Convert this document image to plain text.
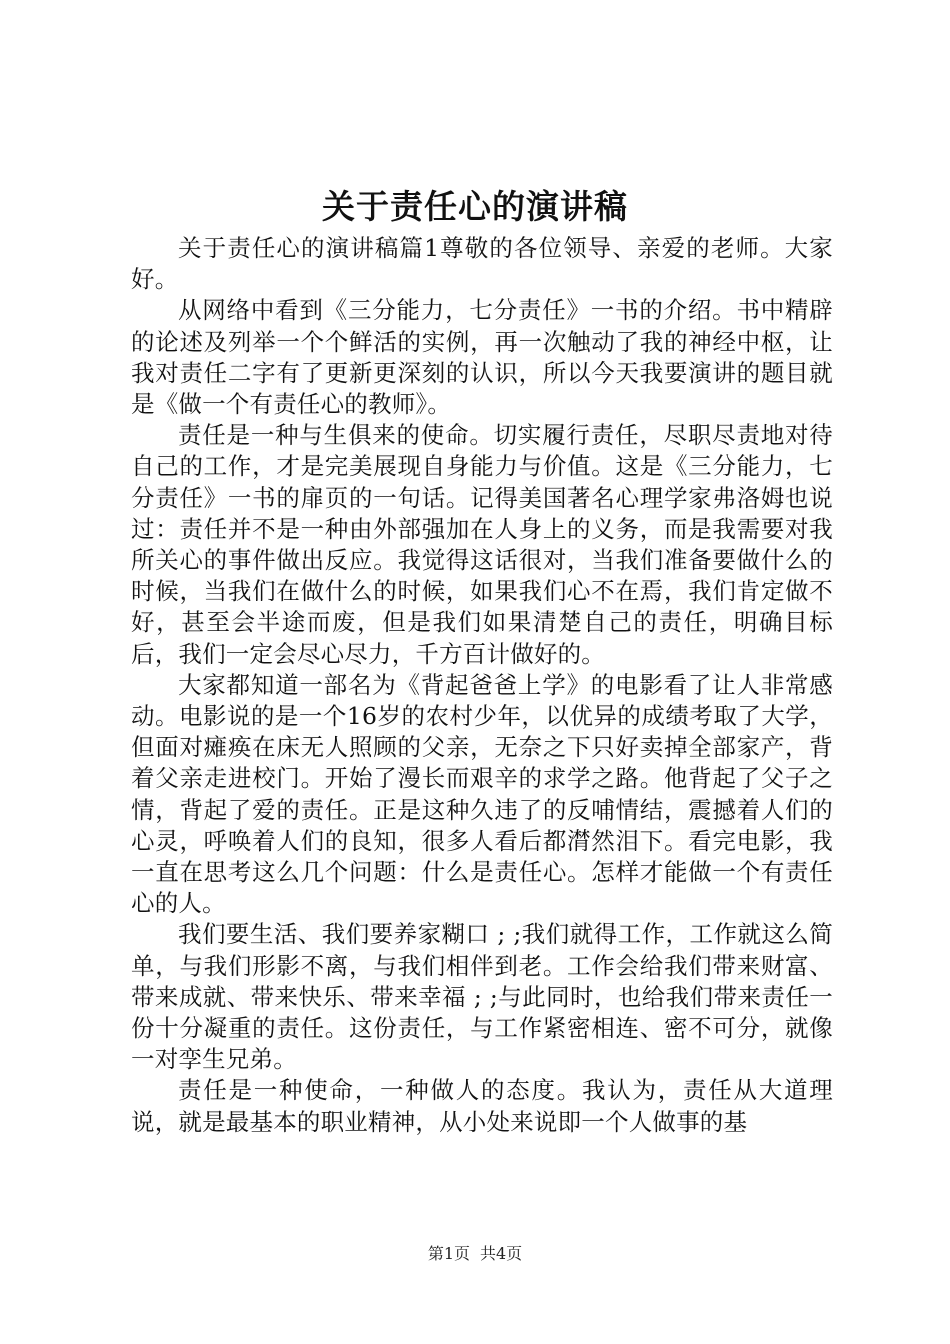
关于责任心的演讲稿

关于责任心的演讲稿篇1尊敬的各位领导、亲爱的老师。大家好。

从网络中看到《三分能力，七分责任》一书的介绍。书中精辟的论述及列举一个个鲜活的实例，再一次触动了我的神经中枢，让我对责任二字有了更新更深刻的认识，所以今天我要演讲的题目就是《做一个有责任心的教师》。

责任是一种与生俱来的使命。切实履行责任，尽职尽责地对待自己的工作，才是完美展现自身能力与价值。这是《三分能力，七分责任》一书的扉页的一句话。记得美国著名心理学家弗洛姆也说过：责任并不是一种由外部强加在人身上的义务，而是我需要对我所关心的事件做出反应。我觉得这话很对，当我们准备要做什么的时候，当我们在做什么的时候，如果我们心不在焉，我们肯定做不好，甚至会半途而废，但是我们如果清楚自己的责任，明确目标后，我们一定会尽心尽力，千方百计做好的。

大家都知道一部名为《背起爸爸上学》的电影看了让人非常感动。电影说的是一个16岁的农村少年，以优异的成绩考取了大学，但面对瘫痪在床无人照顾的父亲，无奈之下只好卖掉全部家产，背着父亲走进校门。开始了漫长而艰辛的求学之路。他背起了父子之情，背起了爱的责任。正是这种久违了的反哺情结，震撼着人们的心灵，呼唤着人们的良知，很多人看后都潸然泪下。看完电影，我一直在思考这么几个问题：什么是责任心。怎样才能做一个有责任心的人。

我们要生活、我们要养家糊口 ; ;我们就得工作，工作就这么简单，与我们形影不离，与我们相伴到老。工作会给我们带来财富、带来成就、带来快乐、带来幸福 ; ;与此同时，也给我们带来责任一份十分凝重的责任。这份责任，与工作紧密相连、密不可分，就像一对孪生兄弟。

责任是一种使命，一种做人的态度。我认为，责任从大道理说，就是最基本的职业精神，从小处来说即一个人做事的基

第1页 共4页
